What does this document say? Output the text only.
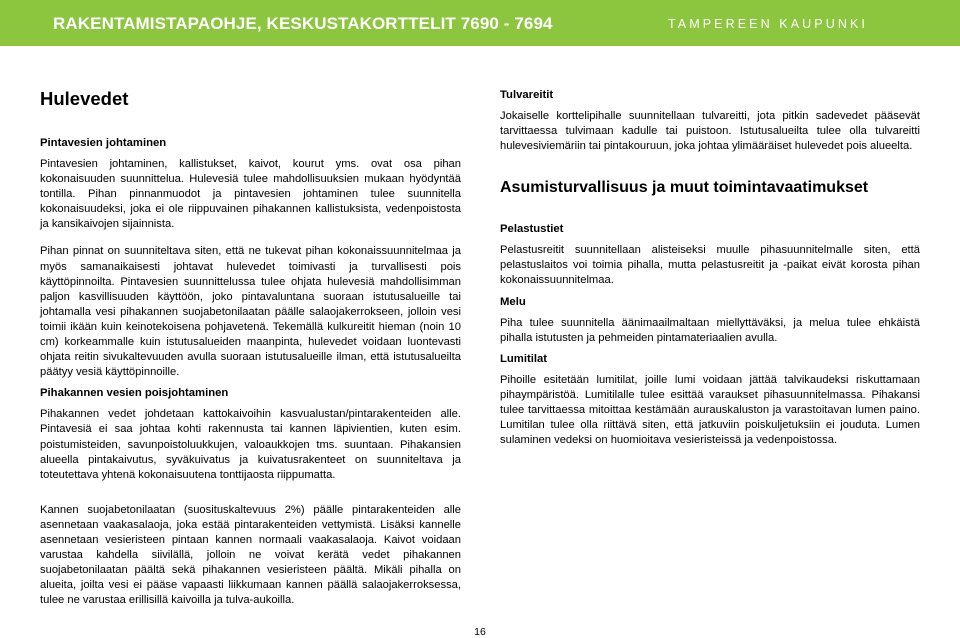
RAKENTAMISTAPAOHJE, KESKUSTAKORTTELIT 7690 - 7694	TAMPEREEN KAUPUNKI
Hulevedet
Pintavesien johtaminen

Pintavesien johtaminen, kallistukset, kaivot, kourut yms. ovat osa pihan kokonaisuuden suunnittelua. Hulevesiä tulee mahdollisuuksien mukaan hyödyntää tontilla. Pihan pinnanmuodot ja pintavesien johtaminen tulee suunnitella kokonaisuudeksi, joka ei ole riippuvainen pihakannen kallistuksista, vedenpoistosta ja kansikaivojen sijainnista.

Pihan pinnat on suunniteltava siten, että ne tukevat pihan kokonaissuunnitelmaa ja myös samanaikaisesti johtavat hulevedet toimivasti ja turvallisesti pois käyttöpinnoilta. Pintavesien suunnittelussa tulee ohjata hulevesiä mahdollisimman paljon kasvillisuuden käyttöön, joko pintavaluntana suoraan istutusalueille tai johtamalla vesi pihakannen suojabetonilaatan päälle salaojakerrokseen, jolloin vesi toimii ikään kuin keinotekoisena pohjavetenä. Tekemällä kulkureitit hieman (noin 10 cm) korkeammalle kuin istutusalueiden maanpinta, hulevedet voidaan luontevasti ohjata reitin sivukaltevuuden avulla suoraan istutusalueille ilman, että istutusalueilta päätyy vesiä käyttöpinnoille.

Pihakannen vesien poisjohtaminen

Pihakannen vedet johdetaan kattokaivoihin kasvualustan/pintarakenteiden alle. Pintavesiä ei saa johtaa kohti rakennusta tai kannen läpivientien, kuten esim. poistumisteiden, savunpoistoluukkujen, valoaukkojen tms. suuntaan. Pihakansien alueella pintakaivutus, syväkuivatus ja kuivatusrakenteet on suunniteltava ja toteutettava yhtenä kokonaisuutena tonttijaosta riippumatta.

Kannen suojabetonilaatan (suosituskaltevuus 2%) päälle pintarakenteiden alle asennetaan vaakasalaoja, joka estää pintarakenteiden vettymistä. Lisäksi kannelle asennetaan vesieristeen pintaan kannen normaali vaakasalaoja. Kaivot voidaan varustaa kahdella siivilällä, jolloin ne voivat kerätä vedet pihakannen suojabetonilaatan päältä sekä pihakannen vesieristeen päältä. Mikäli pihalla on alueita, joilta vesi ei pääse vapaasti liikkumaan kannen päällä salaojakerroksessa, tulee ne varustaa erillisillä kaivoilla ja tulva-aukoilla.

Tulvareitit

Jokaiselle korttelipihalle suunnitellaan tulvareitti, jota pitkin sadevedet pääsevät tarvittaessa tulvimaan kadulle tai puistoon. Istutusalueilta tulee olla tulvareitti hulevesiviemäriin tai pintakouruun, joka johtaa ylimääräiset hulevedet pois alueelta.

Asumisturvallisuus ja muut toimintavaatimukset
Pelastustiet

Pelastusreitit suunnitellaan alisteiseksi muulle pihasuunnitelmalle siten, että pelastuslaitos voi toimia pihalla, mutta pelastusreitit ja -paikat eivät korosta pihan kokonaissuunnitelmaa.

Melu

Piha tulee suunnitella äänimaailmaltaan miellyttäväksi, ja melua tulee ehkäistä pihalla istutusten ja pehmeiden pintamateriaalien avulla.

Lumitilat

Pihoille esitetään lumitilat, joille lumi voidaan jättää talvikaudeksi riskuttamaan pihaympäristöä. Lumitilalle tulee esittää varaukset pihasuunnitelmassa. Pihakansi tulee tarvittaessa mitoittaa kestämään aurauskaluston ja varastoitavan lumen paino. Lumitilan tulee olla riittävä siten, että jatkuviin poiskuljetuksiin ei jouduta. Lumen sulaminen vedeksi on huomioitava vesieristeissä ja vedenpoistossa.

16
